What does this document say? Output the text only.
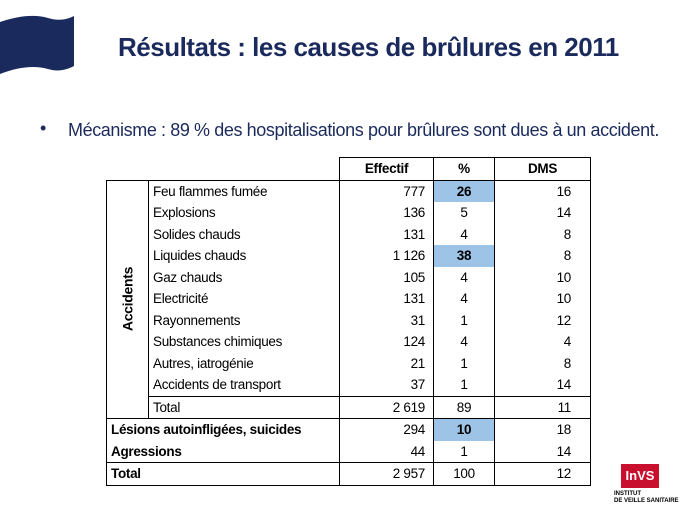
Résultats : les causes de brûlures en 2011
• Mécanisme : 89 % des hospitalisations pour brûlures sont dues à un accident.
		Effectif	%	DMS

Accidents	Feu flammes fumée	777	26	16
	Explosions	136	5	14
	Solides chauds	131	4	8
	Liquides chauds	1 126	38	8
	Gaz chauds	105	4	10
	Electricité	131	4	10
	Rayonnements	31	1	12
	Substances chimiques	124	4	4
	Autres, iatrogénie	21	1	8
	Accidents de transport	37	1	14
	Total	2 619	89	11
Lésions autoinfligées, suicides		294	10	18
Agressions		44	1	14
Total		2 957	100	12	InVS
INSTITUT
DE VEILLE SANITAIRE
